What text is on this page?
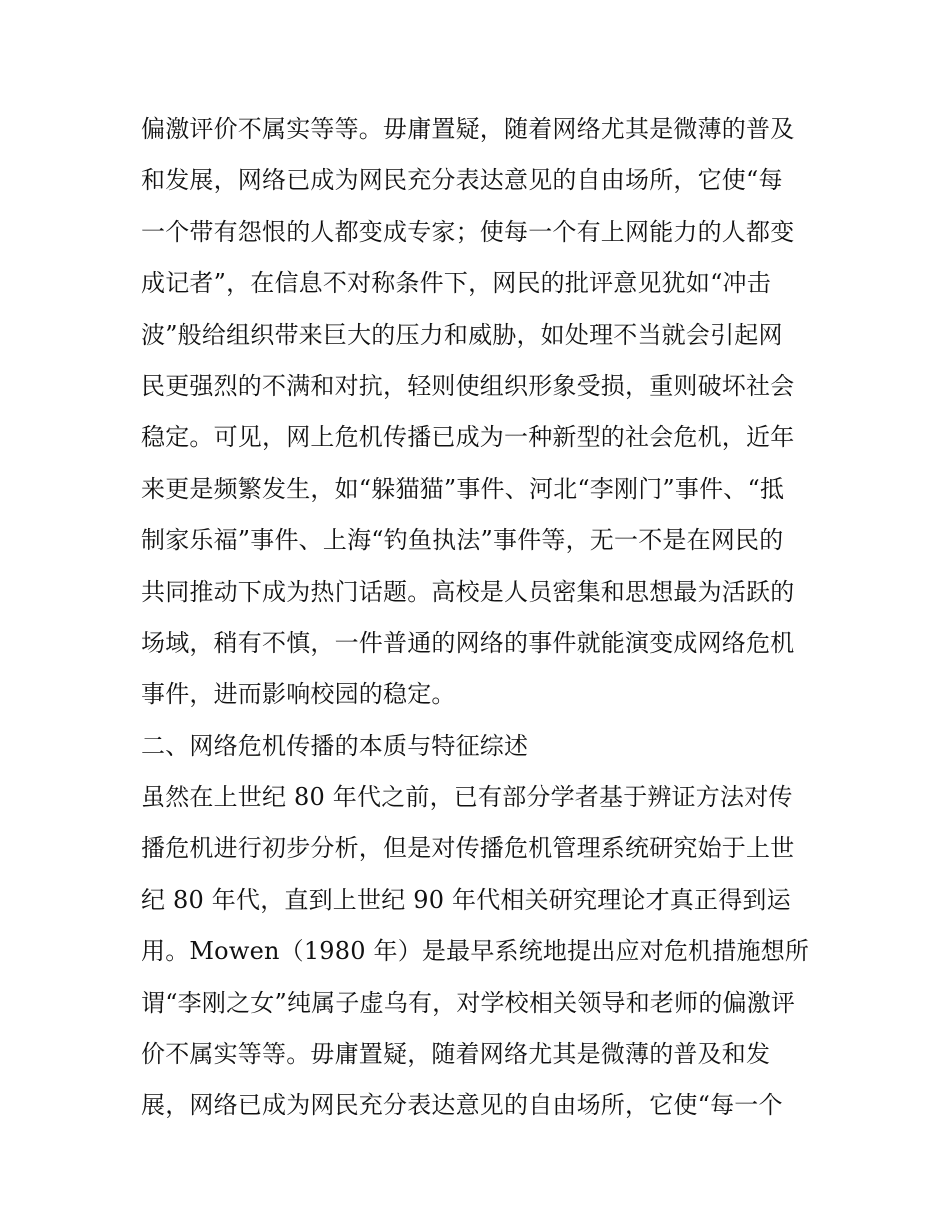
偏激评价不属实等等。毋庸置疑，随着网络尤其是微薄的普及
和发展，网络已成为网民充分表达意见的自由场所，它使“每
一个带有怨恨的人都变成专家；使每一个有上网能力的人都变
成记者”，在信息不对称条件下，网民的批评意见犹如“冲击
波”般给组织带来巨大的压力和威胁，如处理不当就会引起网
民更强烈的不满和对抗，轻则使组织形象受损，重则破坏社会
稳定。可见，网上危机传播已成为一种新型的社会危机，近年
来更是频繁发生，如“躲猫猫”事件、河北“李刚门”事件、“抵
制家乐福”事件、上海“钓鱼执法”事件等，无一不是在网民的
共同推动下成为热门话题。高校是人员密集和思想最为活跃的
场域，稍有不慎，一件普通的网络的事件就能演变成网络危机
事件，进而影响校园的稳定。
二、网络危机传播的本质与特征综述
虽然在上世纪 80 年代之前，已有部分学者基于辨证方法对传
播危机进行初步分析，但是对传播危机管理系统研究始于上世
纪 80 年代，直到上世纪 90 年代相关研究理论才真正得到运
用。Mowen（1980 年）是最早系统地提出应对危机措施想所
谓“李刚之女”纯属子虚乌有，对学校相关领导和老师的偏激评
价不属实等等。毋庸置疑，随着网络尤其是微薄的普及和发
展，网络已成为网民充分表达意见的自由场所，它使“每一个
